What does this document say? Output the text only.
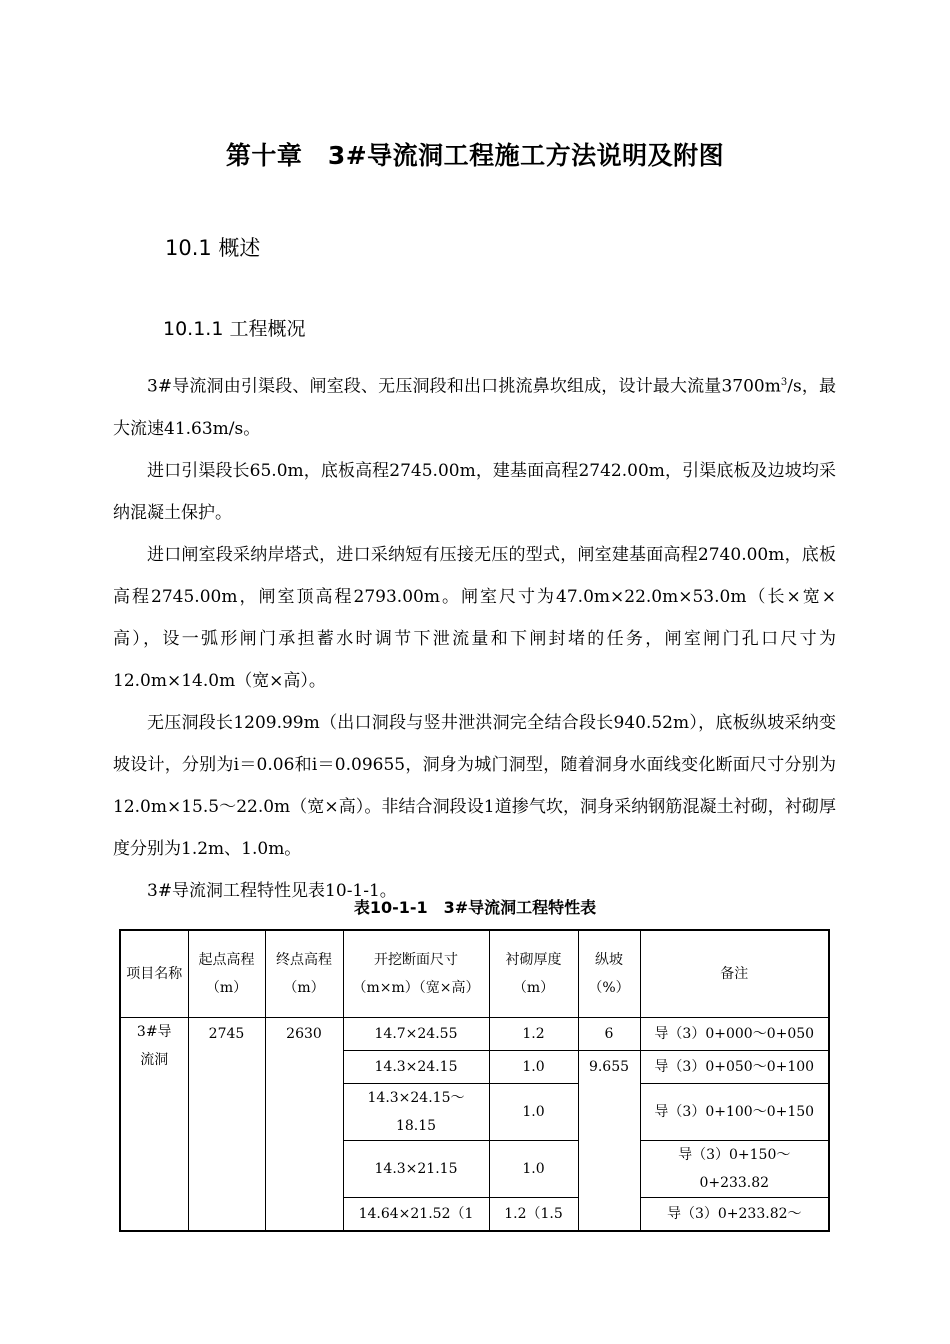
第十章　3#导流洞工程施工方法说明及附图
10.1 概述
10.1.1 工程概况

3#导流洞由引渠段、闸室段、无压洞段和出口挑流鼻坎组成，设计最大流量$3700m^3/s$，最大流速41.63m/s。

进口引渠段长65.0m，底板高程2745.00m，建基面高程2742.00m，引渠底板及边坡均采纳混凝土保护。

进口闸室段采纳岸塔式，进口采纳短有压接无压的型式，闸室建基面高程2740.00m，底板高程2745.00m，闸室顶高程2793.00m。闸室尺寸为47.0m×22.0m×53.0m（长×宽×高），设一弧形闸门承担蓄水时调节下泄流量和下闸封堵的任务，闸室闸门孔口尺寸为12.0m×14.0m（宽×高）。

无压洞段长1209.99m（出口洞段与竖井泄洪洞完全结合段长940.52m），底板纵坡采纳变坡设计，分别为i＝0.06和i＝0.09655，洞身为城门洞型，随着洞身水面线变化断面尺寸分别为12.0m×15.5～22.0m（宽×高）。非结合洞段设1道掺气坎，洞身采纳钢筋混凝土衬砌，衬砌厚度分别为1.2m、1.0m。

3#导流洞工程特性见表10-1-1。

表10-1-1　3#导流洞工程特性表
项目名称	起点高程（m）	终点高程（m）	开挖断面尺寸（m×m）（宽×高）	衬砌厚度（m）	纵坡（%）	备注
3#导流洞	2745	2630	14.7×24.55	1.2	6	导（3）0+000～0+050
			14.3×24.15	1.0	9.655	导（3）0+050～0+100
			14.3×24.15～18.15	1.0		导（3）0+100～0+150
			14.3×21.15	1.0		导（3）0+150～0+233.82
			14.64×21.52（1	1.2（1.5		导（3）0+233.82～
